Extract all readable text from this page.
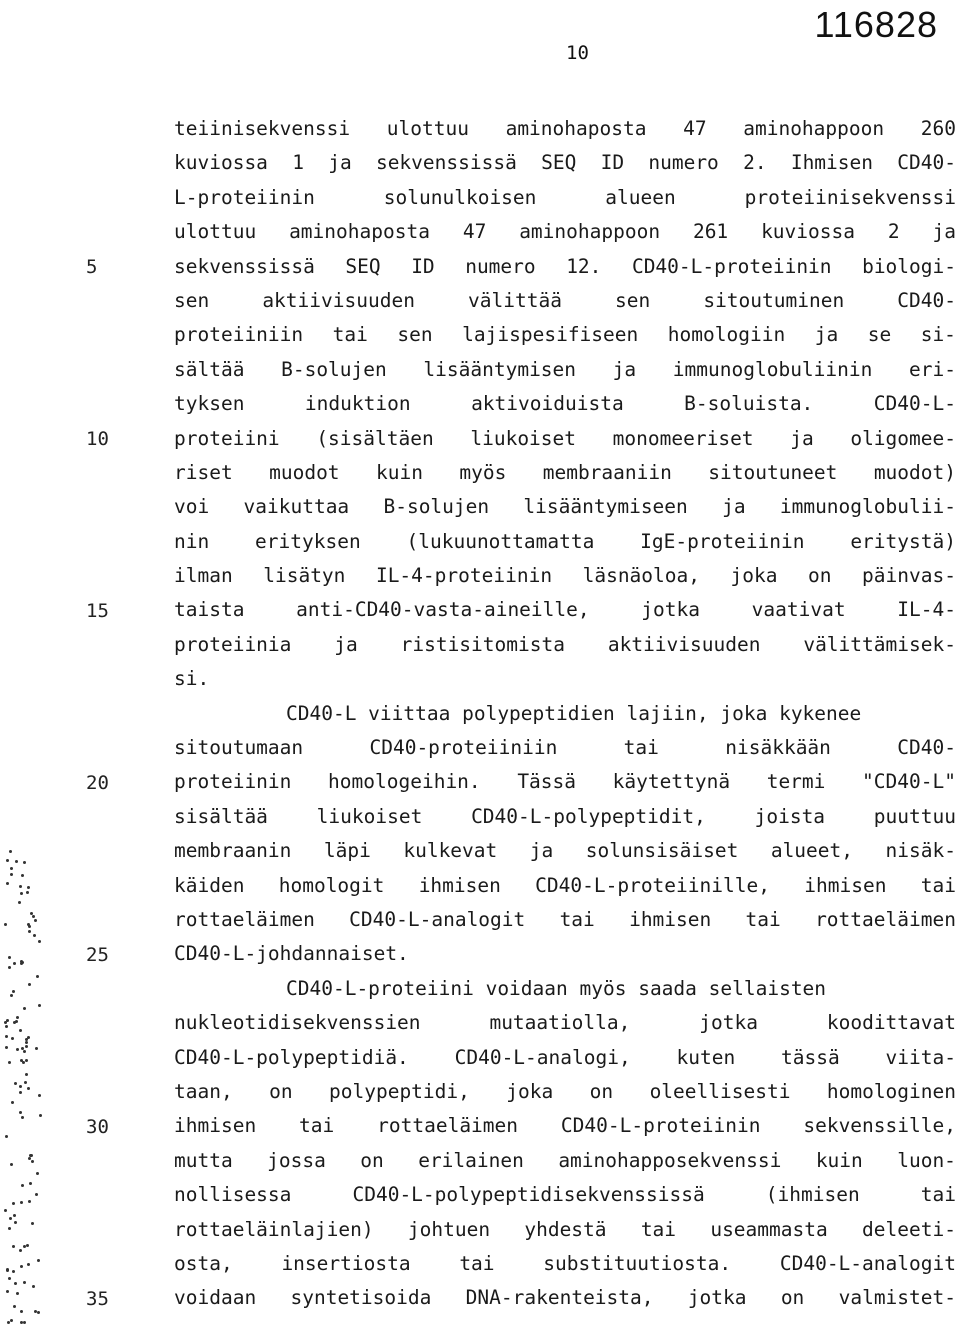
116828
10
5
10
15
20
25
30
35
teiinisekvenssi ulottuu aminohaposta 47 aminohappoon 260
kuviossa 1 ja sekvenssissä SEQ ID numero 2. Ihmisen CD40-
L-proteiinin	solunulkoisen	alueen	proteiinisekvenssi
ulottuu aminohaposta 47 aminohappoon 261 kuviossa 2 ja
sekvenssissä SEQ ID numero 12. CD40-L-proteiinin biologi-
sen	aktiivisuuden	välittää	sen	sitoutuminen	CD40-
proteiiniin tai sen lajispesifiseen homologiin ja se si-
sältää B-solujen lisääntymisen ja immunoglobuliinin eri-
tyksen	induktion	aktivoiduista	B-soluista.	CD40-L-
proteiini (sisältäen liukoiset monomeeriset ja oligomee-
riset muodot kuin myös membraaniin sitoutuneet muodot)
voi vaikuttaa B-solujen lisääntymiseen ja immunoglobulii-
nin erityksen (lukuunottamatta IgE-proteiinin eritystä)
ilman lisätyn IL-4-proteiinin läsnäoloa, joka on päinvas-
taista	anti-CD40-vasta-aineille,	jotka	vaativat	IL-4-
proteiinia ja ristisitomista aktiivisuuden välittämisek-
si.
CD40-L viittaa polypeptidien lajiin, joka kykenee
sitoutumaan	CD40-proteiiniin	tai	nisäkkään	CD40-
proteiinin homologeihin. Tässä käytettynä termi "CD40-L"
sisältää liukoiset CD40-L-polypeptidit, joista puuttuu
membraanin läpi kulkevat ja solunsisäiset alueet, nisäk-
käiden homologit ihmisen CD40-L-proteiinille, ihmisen tai
rottaeläimen CD40-L-analogit tai ihmisen tai rottaeläimen
CD40-L-johdannaiset.
CD40-L-proteiini voidaan myös saada sellaisten
nukleotidisekvenssien	mutaatiolla,	jotka	koodittavat
CD40-L-polypeptidiä. CD40-L-analogi, kuten tässä viita-
taan, on polypeptidi, joka on oleellisesti homologinen
ihmisen tai rottaeläimen CD40-L-proteiinin sekvenssille,
mutta jossa on erilainen aminohapposekvenssi kuin luon-
nollisessa	CD40-L-polypeptidisekvenssissä	(ihmisen	tai
rottaeläinlajien) johtuen yhdestä tai useammasta deleeti-
osta, insertiosta tai substituutiosta. CD40-L-analogit
voidaan syntetisoida DNA-rakenteista, jotka on valmistet-
